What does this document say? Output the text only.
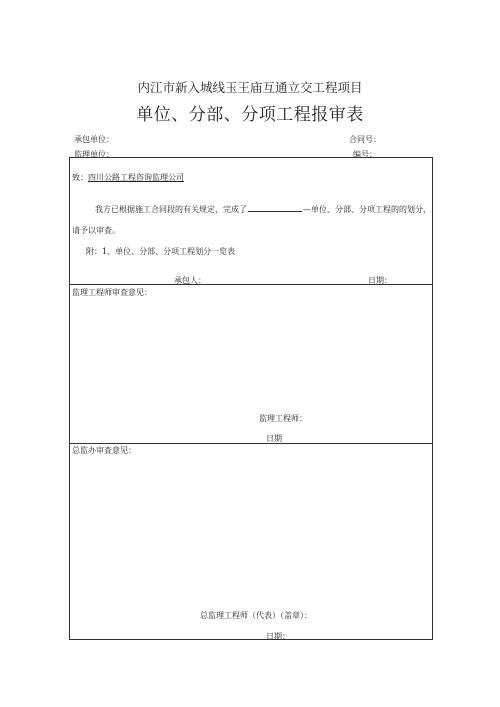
内江市新入城线玉王庙互通立交工程项目
单位、分部、分项工程报审表
承包单位：	合同号：
监理单位：	编号：
致：四川公路工程咨询监理公司
我方已根据施工合同段的有关规定，完成了	—单位、分部、分项工程的的划分，
请予以审查。
附：1、单位、分部、分项工程划分一览表
承包人：	日期：
监理工程师审查意见：
监理工程师：
日期
总监办审查意见：
总监理工程师（代表）（盖章）：
日期：
